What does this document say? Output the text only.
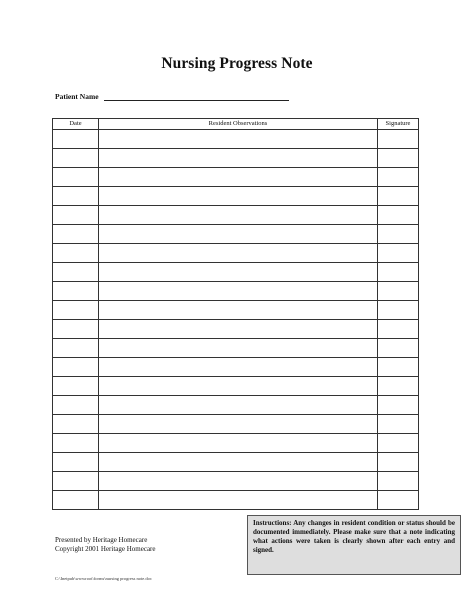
Nursing Progress Note
Patient Name
Date	Resident Observations	Signature

Presented by Heritage Homecare
Copyright 2001 Heritage Homecare
Instructions: Any changes in resident condition or status should be documented immediately. Please make sure that a note indicating what actions were taken is clearly shown after each entry and signed.
C:\Inetpub\wwwroot\forms\nursing progress note.doc
